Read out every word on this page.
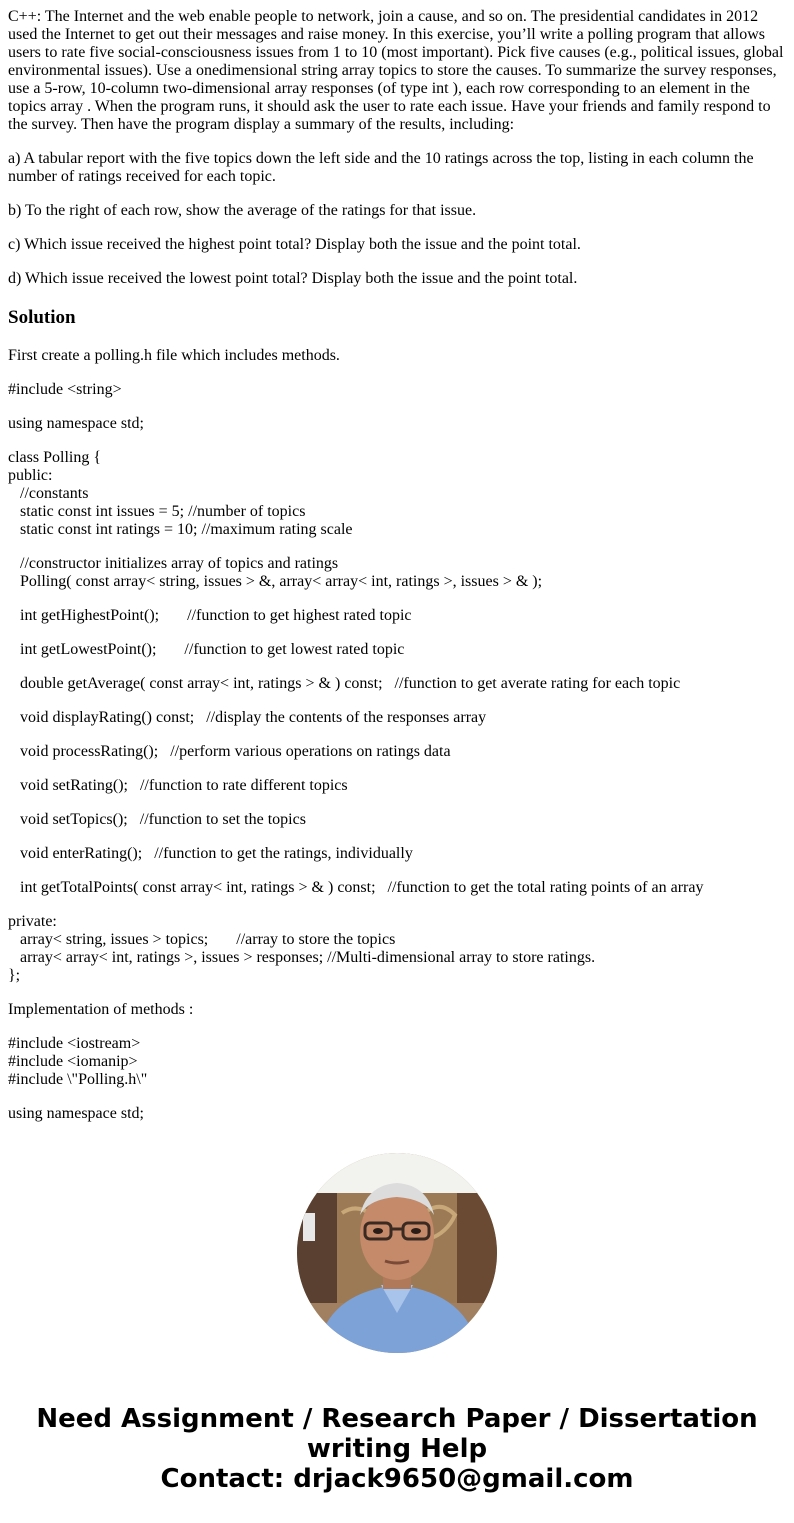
C++: The Internet and the web enable people to network, join a cause, and so on. The presidential candidates in 2012 used the Internet to get out their messages and raise money. In this exercise, you’ll write a polling program that allows users to rate five social-consciousness issues from 1 to 10 (most important). Pick five causes (e.g., political issues, global environmental issues). Use a onedimensional string array topics to store the causes. To summarize the survey responses, use a 5-row, 10-column two-dimensional array responses (of type int ), each row corresponding to an element in the topics array . When the program runs, it should ask the user to rate each issue. Have your friends and family respond to the survey. Then have the program display a summary of the results, including:

a) A tabular report with the five topics down the left side and the 10 ratings across the top, listing in each column the number of ratings received for each topic.

b) To the right of each row, show the average of the ratings for that issue.

c) Which issue received the highest point total? Display both the issue and the point total.

d) Which issue received the lowest point total? Display both the issue and the point total.

Solution

First create a polling.h file which includes methods.

#include <string>

using namespace std;

class Polling {
public:
//constants
static const int issues = 5; //number of topics
static const int ratings = 10; //maximum rating scale
//constructor initializes array of topics and ratings
Polling( const array< string, issues > &, array< array< int, ratings >, issues > & );

int getHighestPoint();       //function to get highest rated topic

int getLowestPoint();       //function to get lowest rated topic

double getAverage( const array< int, ratings > & ) const;   //function to get averate rating for each topic

void displayRating() const;   //display the contents of the responses array

void processRating();   //perform various operations on ratings data

void setRating();   //function to rate different topics

void setTopics();   //function to set the topics

void enterRating();   //function to get the ratings, individually

int getTotalPoints( const array< int, ratings > & ) const;   //function to get the total rating points of an array

private:
array< string, issues > topics;       //array to store the topics
array< array< int, ratings >, issues > responses; //Multi-dimensional array to store ratings.
};

Implementation of methods :

#include <iostream>
#include <iomanip>
#include \"Polling.h\"

using namespace std;

Need Assignment / Research Paper / Dissertation
writing Help
Contact: drjack9650@gmail.com
